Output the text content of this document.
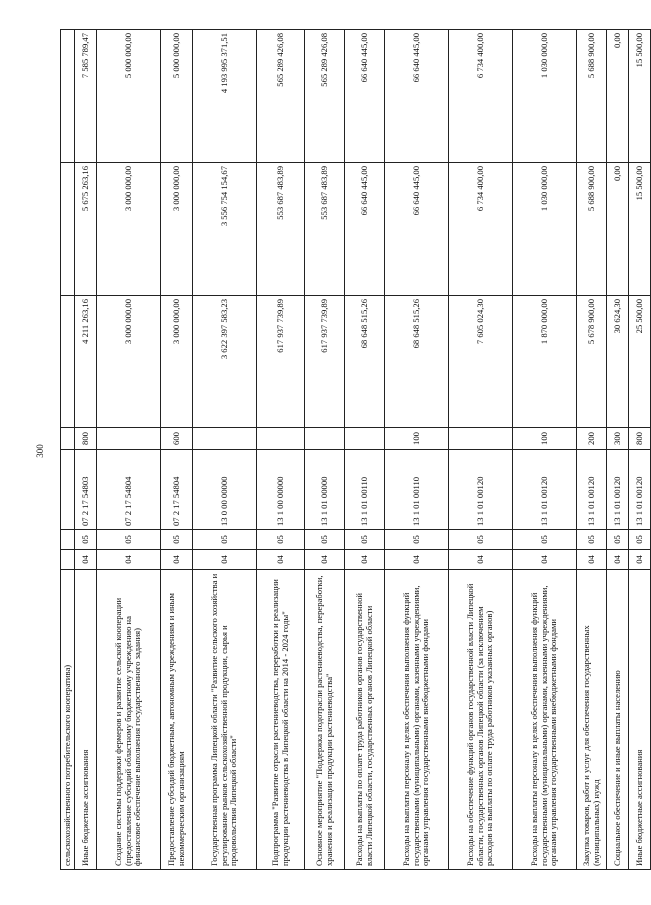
300
сельскохозяйственного потребительского кооператива)							
Иные бюджетные ассигнования	04	05	07 2 17 54803	800	4 211 263,16	5 675 263,16	7 585 789,47
Создание системы поддержки фермеров и развитие сельской кооперации (предоставление субсидий областному бюджетному учреждению на финансовое обеспечение выполнения государственного задания)	04	05	07 2 17 54804		3 000 000,00	3 000 000,00	5 000 000,00
Предоставление субсидий бюджетным, автономным учреждениям и иным некоммерческим организациям	04	05	07 2 17 54804	600	3 000 000,00	3 000 000,00	5 000 000,00
Государственная программа Липецкой области "Развитие сельского хозяйства и регулирование рынков сельскохозяйственной продукции, сырья и продовольствия Липецкой области"	04	05	13 0 00 00000		3 622 397 583,23	3 556 754 154,67	4 193 995 371,51
Подпрограмма "Развитие отрасли растениеводства, переработки и реализации продукции растениеводства в Липецкой области на 2014 - 2024 годы"	04	05	13 1 00 00000		617 937 739,89	553 687 483,89	565 289 426,08
Основное мероприятие "Поддержка подотрасли растениеводства, переработки, хранения и реализации продукции растениеводства"	04	05	13 1 01 00000		617 937 739,89	553 687 483,89	565 289 426,08
Расходы на выплаты по оплате труда работников органов государственной власти Липецкой области, государственных органов Липецкой области	04	05	13 1 01 00110		68 648 515,26	66 640 445,00	66 640 445,00
Расходы на выплаты персоналу в целях обеспечения выполнения функций государственными (муниципальными) органами, казенными учреждениями, органами управления государственными внебюджетными фондами	04	05	13 1 01 00110	100	68 648 515,26	66 640 445,00	66 640 445,00
Расходы на обеспечение функций органов государственной власти Липецкой области, государственных органов Липецкой области (за исключением расходов на выплаты по оплате труда работников указанных органов)	04	05	13 1 01 00120		7 605 024,30	6 734 400,00	6 734 400,00
Расходы на выплаты персоналу в целях обеспечения выполнения функций государственными (муниципальными) органами, казенными учреждениями, органами управления государственными внебюджетными фондами	04	05	13 1 01 00120	100	1 870 000,00	1 030 000,00	1 030 000,00
Закупка товаров, работ и услуг для обеспечения государственных (муниципальных) нужд	04	05	13 1 01 00120	200	5 678 900,00	5 688 900,00	5 688 900,00
Социальное обеспечение и иные выплаты населению	04	05	13 1 01 00120	300	30 624,30	0,00	0,00
Иные бюджетные ассигнования	04	05	13 1 01 00120	800	25 500,00	15 500,00	15 500,00
